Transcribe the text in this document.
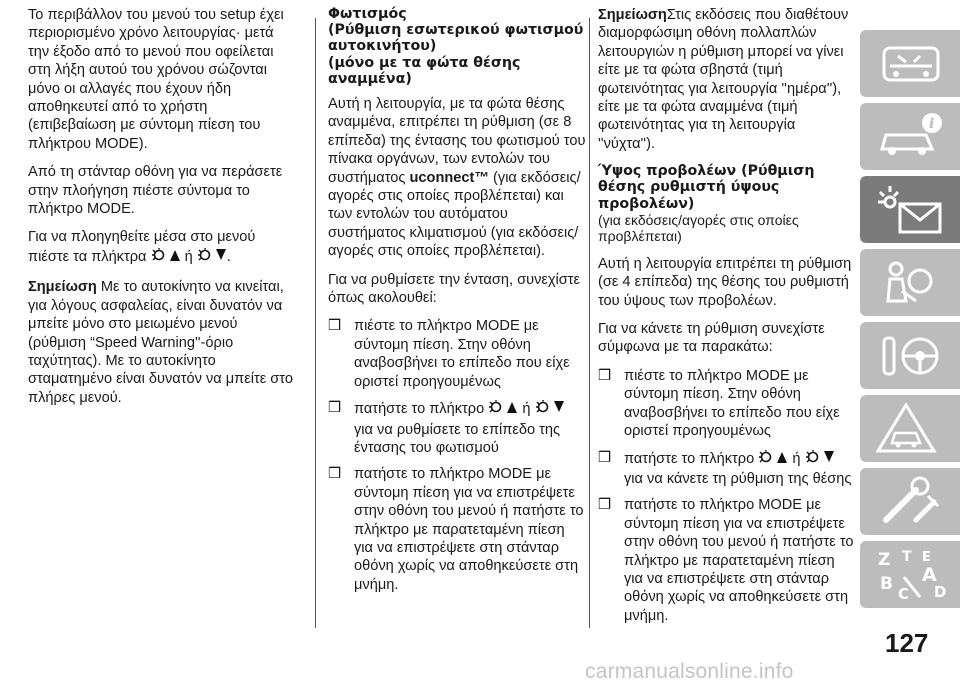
Το περιβάλλον του μενού του setup έχει περιορισμένο χρόνο λειτουργίας· μετά την έξοδο από το μενού που οφείλεται στη λήξη αυτού του χρόνου σώζονται μόνο οι αλλαγές που έχουν ήδη αποθηκευτεί από το χρήστη (επιβεβαίωση με σύντομη πίεση του πλήκτρου MODE).

Από τη στάνταρ οθόνη για να περάσετε στην πλοήγηση πιέστε σύντομα το πλήκτρο MODE.

Για να πλοηγηθείτε μέσα στο μενού πιέστε τα πλήκτρα	ή .

Σημείωση Με το αυτοκίνητο να κινείται, για λόγους ασφαλείας, είναι δυνατόν να μπείτε μόνο στο μειωμένο μενού (ρύθμιση “Speed Warning''-όριο ταχύτητας). Με το αυτοκίνητο σταματημένο είναι δυνατόν να μπείτε στο πλήρες μενού.

Φωτισμός
(Ρύθμιση εσωτερικού φωτισμού αυτοκινήτου)
(μόνο με τα φώτα θέσης αναμμένα)

Αυτή η λειτουργία, με τα φώτα θέσης αναμμένα, επιτρέπει τη ρύθμιση (σε 8 επίπεδα) της έντασης του φωτισμού του πίνακα οργάνων, των εντολών του συστήματος uconnect™ (για εκδόσεις/αγορές στις οποίες προβλέπεται) και των εντολών του αυτόματου συστήματος κλιματισμού (για εκδόσεις/αγορές στις οποίες προβλέπεται).

Για να ρυθμίσετε την ένταση, συνεχίστε όπως ακολουθεί:

❒ πιέστε το πλήκτρο MODE με σύντομη πίεση. Στην οθόνη αναβοσβήνει το επίπεδο που είχε οριστεί προηγουμένως
❒ πατήστε το πλήκτρο	ή  για να ρυθμίσετε το επίπεδο της έντασης του φωτισμού
❒ πατήστε το πλήκτρο MODE με σύντομη πίεση για να επιστρέψετε στην οθόνη του μενού ή πατήστε το πλήκτρο με παρατεταμένη πίεση για να επιστρέψετε στη στάνταρ οθόνη χωρίς να αποθηκεύσετε στη μνήμη.

ΣημείωσηΣτις εκδόσεις που διαθέτουν διαμορφώσιμη οθόνη πολλαπλών λειτουργιών η ρύθμιση μπορεί να γίνει είτε με τα φώτα σβηστά (τιμή φωτεινότητας για λειτουργία ''ημέρα''), είτε με τα φώτα αναμμένα (τιμή φωτεινότητας για τη λειτουργία ''νύχτα'').

Ύψος προβολέων (Ρύθμιση θέσης ρυθμιστή ύψους προβολέων)

(για εκδόσεις/αγορές στις οποίες προβλέπεται)

Αυτή η λειτουργία επιτρέπει τη ρύθμιση (σε 4 επίπεδα) της θέσης του ρυθμιστή του ύψους των προβολέων.

Για να κάνετε τη ρύθμιση συνεχίστε σύμφωνα με τα παρακάτω:

❒ πιέστε το πλήκτρο MODE με σύντομη πίεση. Στην οθόνη αναβοσβήνει το επίπεδο που είχε οριστεί προηγουμένως
❒ πατήστε το πλήκτρο	ή  για να κάνετε τη ρύθμιση της θέσης
❒ πατήστε το πλήκτρο MODE με σύντομη πίεση για να επιστρέψετε στην οθόνη του μενού ή πατήστε το πλήκτρο με παρατεταμένη πίεση για να επιστρέψετε στη στάνταρ οθόνη χωρίς να αποθηκεύσετε στη μνήμη.
i
Z T E
A
B C D
127
carmanualsonline.info
